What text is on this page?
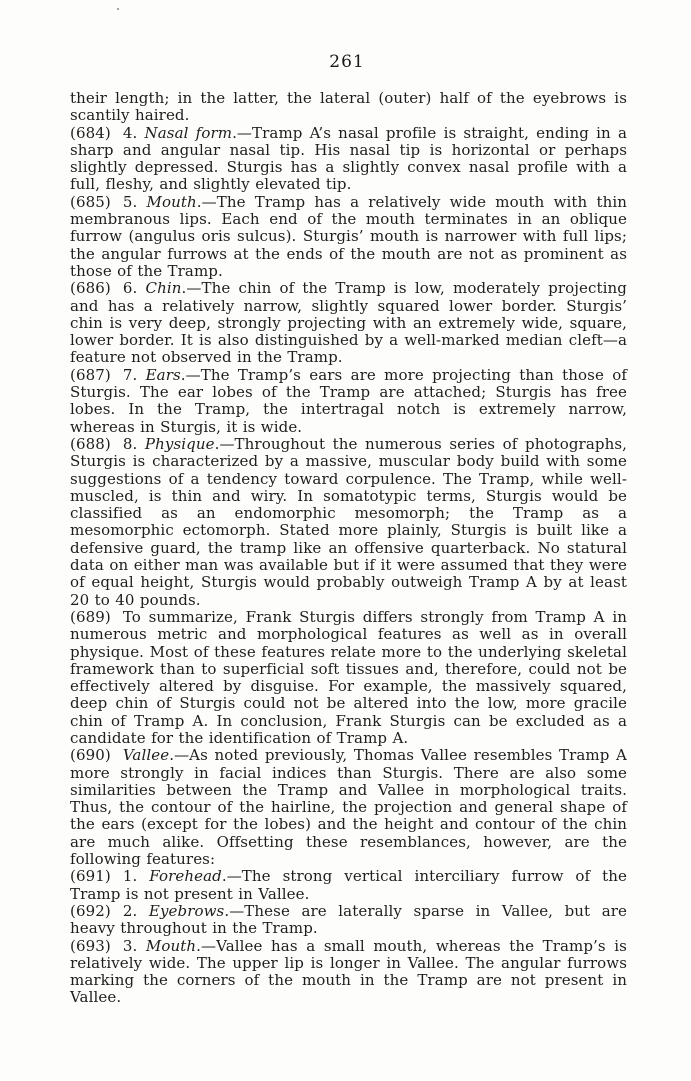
261

their length; in the latter, the lateral (outer) half of the eyebrows is scantily haired.

(684) 4. Nasal form.—Tramp A’s nasal profile is straight, ending in a sharp and angular nasal tip. His nasal tip is horizontal or perhaps slightly depressed. Sturgis has a slightly convex nasal profile with a full, fleshy, and slightly elevated tip.

(685) 5. Mouth.—The Tramp has a relatively wide mouth with thin membranous lips. Each end of the mouth terminates in an oblique furrow (angulus oris sulcus). Sturgis’ mouth is narrower with full lips; the angular furrows at the ends of the mouth are not as prominent as those of the Tramp.

(686) 6. Chin.—The chin of the Tramp is low, moderately projecting and has a relatively narrow, slightly squared lower border. Sturgis’ chin is very deep, strongly projecting with an extremely wide, square, lower border. It is also distinguished by a well-marked median cleft—a feature not observed in the Tramp.

(687) 7. Ears.—The Tramp’s ears are more projecting than those of Sturgis. The ear lobes of the Tramp are attached; Sturgis has free lobes. In the Tramp, the intertragal notch is extremely narrow, whereas in Sturgis, it is wide.

(688) 8. Physique.—Throughout the numerous series of photographs, Sturgis is characterized by a massive, muscular body build with some suggestions of a tendency toward corpulence. The Tramp, while well-muscled, is thin and wiry. In somatotypic terms, Sturgis would be classified as an endomorphic mesomorph; the Tramp as a mesomorphic ectomorph. Stated more plainly, Sturgis is built like a defensive guard, the tramp like an offensive quarterback. No statural data on either man was available but if it were assumed that they were of equal height, Sturgis would probably outweigh Tramp A by at least 20 to 40 pounds.

(689) To summarize, Frank Sturgis differs strongly from Tramp A in numerous metric and morphological features as well as in overall physique. Most of these features relate more to the underlying skeletal framework than to superficial soft tissues and, therefore, could not be effectively altered by disguise. For example, the massively squared, deep chin of Sturgis could not be altered into the low, more gracile chin of Tramp A. In conclusion, Frank Sturgis can be excluded as a candidate for the identification of Tramp A.

(690) Vallee.—As noted previously, Thomas Vallee resembles Tramp A more strongly in facial indices than Sturgis. There are also some similarities between the Tramp and Vallee in morphological traits. Thus, the contour of the hairline, the projection and general shape of the ears (except for the lobes) and the height and contour of the chin are much alike. Offsetting these resemblances, however, are the following features:

(691) 1. Forehead.—The strong vertical interciliary furrow of the Tramp is not present in Vallee.

(692) 2. Eyebrows.—These are laterally sparse in Vallee, but are heavy throughout in the Tramp.

(693) 3. Mouth.—Vallee has a small mouth, whereas the Tramp’s is relatively wide. The upper lip is longer in Vallee. The angular furrows marking the corners of the mouth in the Tramp are not present in Vallee.
